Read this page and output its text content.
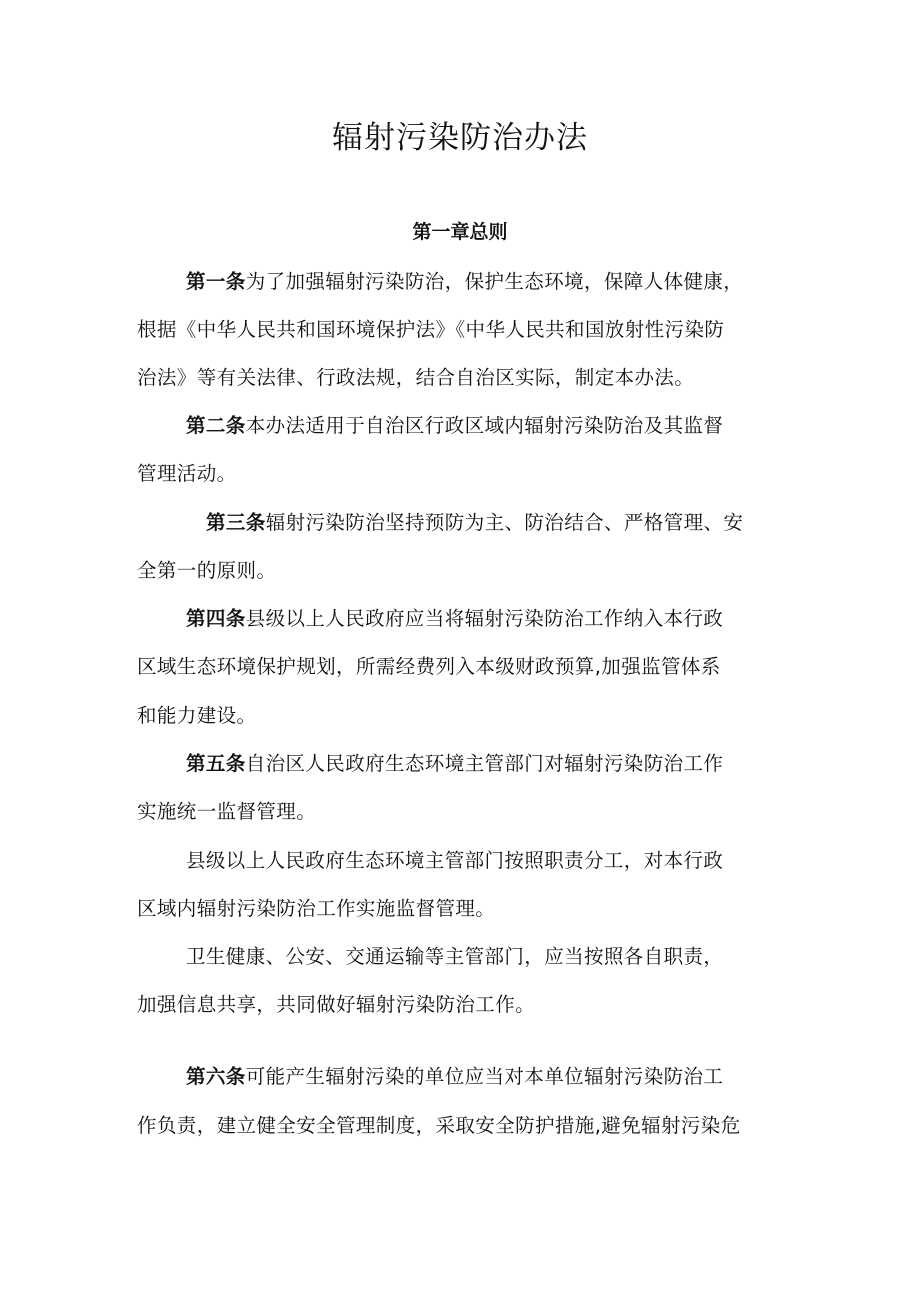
辐射污染防治办法
第一章总则
第一条为了加强辐射污染防治，保护生态环境，保障人体健康，
根据《中华人民共和国环境保护法》《中华人民共和国放射性污染防
治法》等有关法律、行政法规，结合自治区实际，制定本办法。
第二条本办法适用于自治区行政区域内辐射污染防治及其监督
管理活动。
第三条辐射污染防治坚持预防为主、防治结合、严格管理、安
全第一的原则。
第四条县级以上人民政府应当将辐射污染防治工作纳入本行政
区域生态环境保护规划，所需经费列入本级财政预算,加强监管体系
和能力建设。
第五条自治区人民政府生态环境主管部门对辐射污染防治工作
实施统一监督管理。
县级以上人民政府生态环境主管部门按照职责分工，对本行政
区域内辐射污染防治工作实施监督管理。
卫生健康、公安、交通运输等主管部门，应当按照各自职责，
加强信息共享，共同做好辐射污染防治工作。
第六条可能产生辐射污染的单位应当对本单位辐射污染防治工
作负责，建立健全安全管理制度，采取安全防护措施,避免辐射污染危
